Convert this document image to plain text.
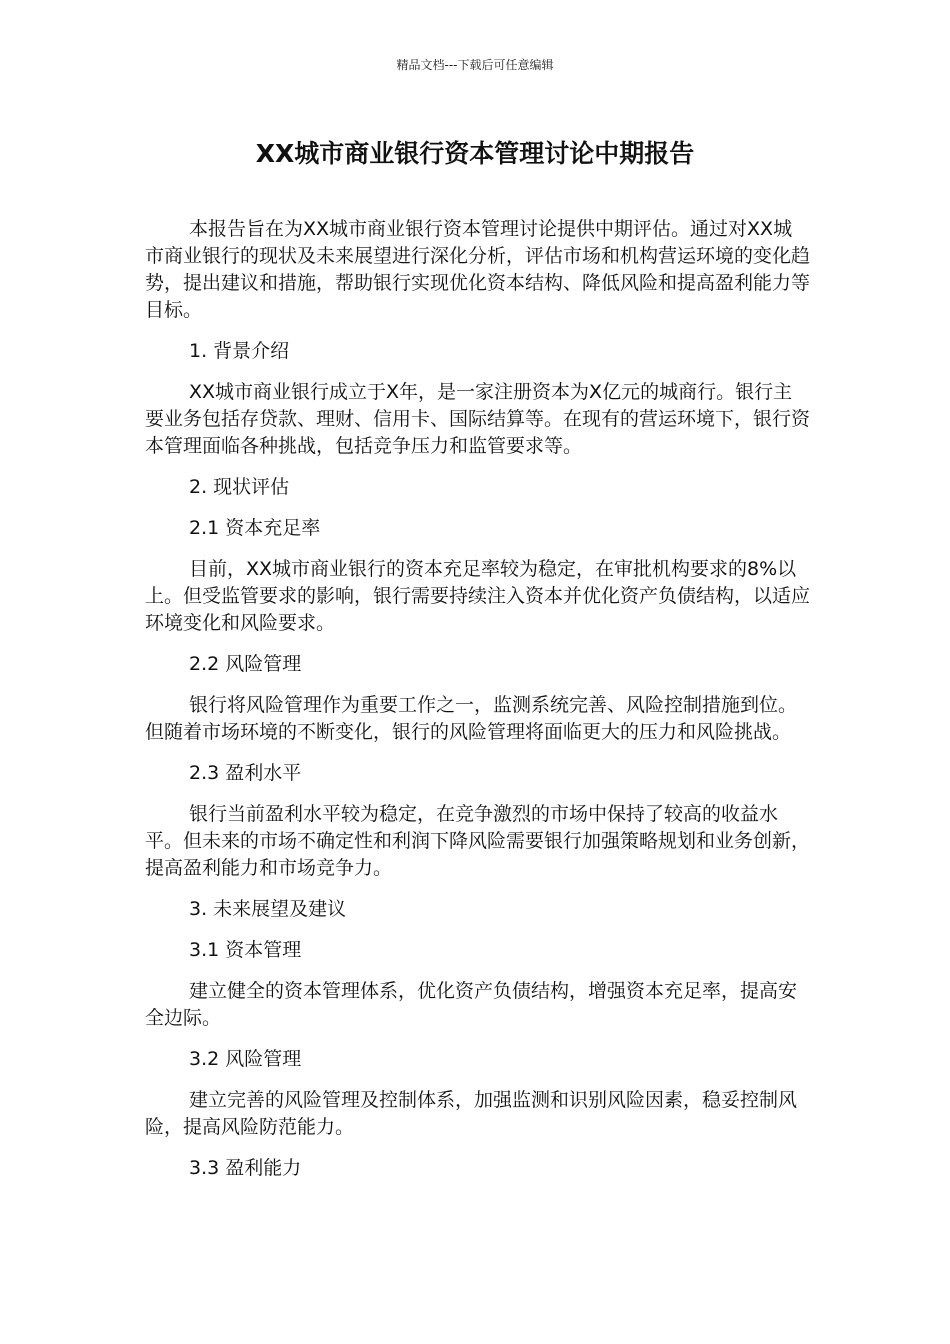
精品文档---下载后可任意编辑
XX城市商业银行资本管理讨论中期报告

本报告旨在为XX城市商业银行资本管理讨论提供中期评估。通过对XX城市商业银行的现状及未来展望进行深化分析，评估市场和机构营运环境的变化趋势，提出建议和措施，帮助银行实现优化资本结构、降低风险和提高盈利能力等目标。

1. 背景介绍

XX城市商业银行成立于X年，是一家注册资本为X亿元的城商行。银行主要业务包括存贷款、理财、信用卡、国际结算等。在现有的营运环境下，银行资本管理面临各种挑战，包括竞争压力和监管要求等。

2. 现状评估

2.1 资本充足率

目前，XX城市商业银行的资本充足率较为稳定，在审批机构要求的8%以上。但受监管要求的影响，银行需要持续注入资本并优化资产负债结构，以适应环境变化和风险要求。

2.2 风险管理

银行将风险管理作为重要工作之一，监测系统完善、风险控制措施到位。但随着市场环境的不断变化，银行的风险管理将面临更大的压力和风险挑战。

2.3 盈利水平

银行当前盈利水平较为稳定，在竞争激烈的市场中保持了较高的收益水平。但未来的市场不确定性和利润下降风险需要银行加强策略规划和业务创新，提高盈利能力和市场竞争力。

3. 未来展望及建议

3.1 资本管理

建立健全的资本管理体系，优化资产负债结构，增强资本充足率，提高安全边际。

3.2 风险管理

建立完善的风险管理及控制体系，加强监测和识别风险因素，稳妥控制风险，提高风险防范能力。

3.3 盈利能力
